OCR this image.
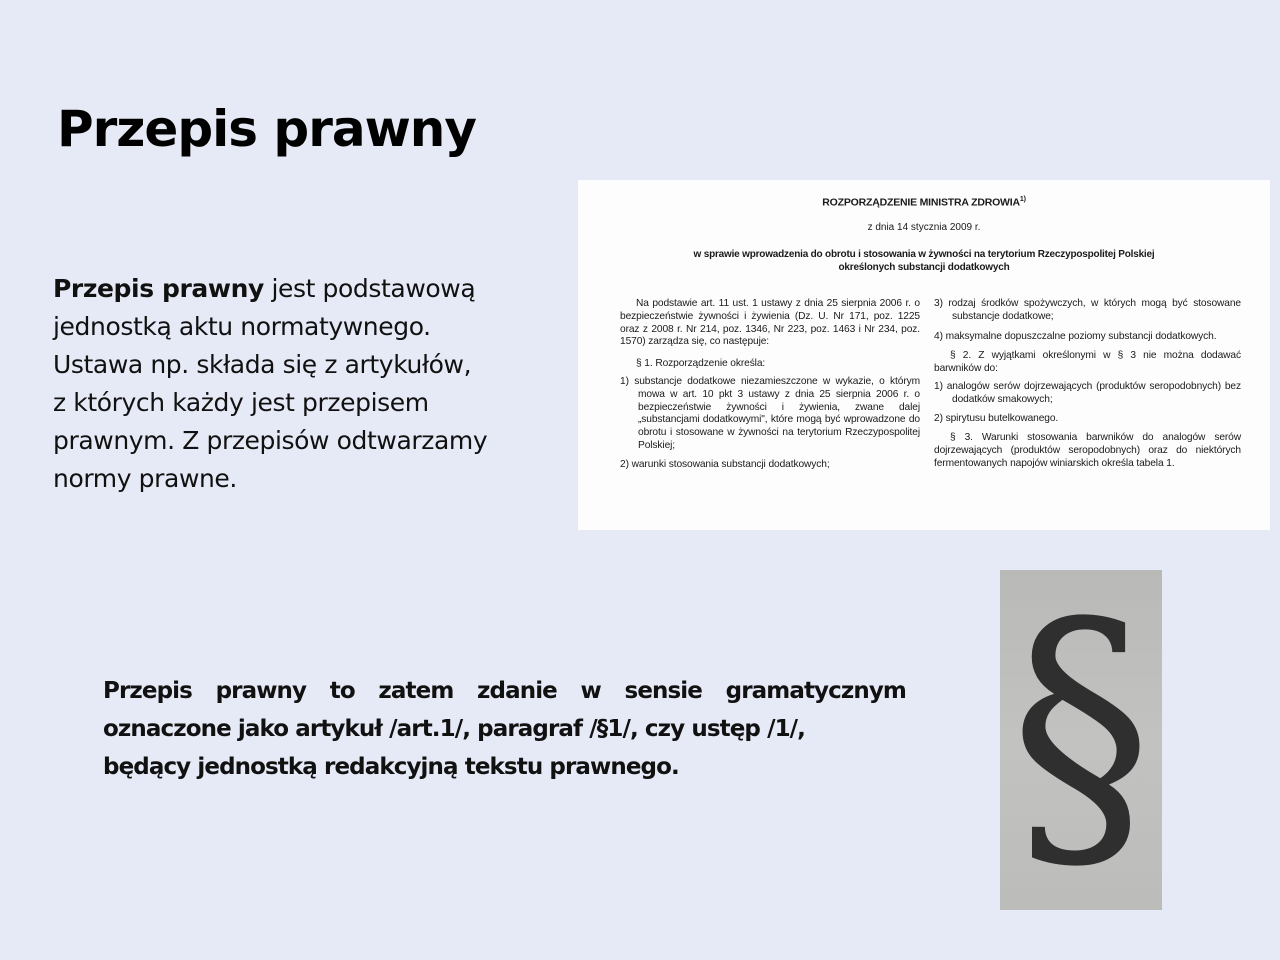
Przepis prawny
Przepis prawny jest podstawową
jednostką aktu normatywnego.
Ustawa np. składa się z artykułów,
z których każdy jest przepisem
prawnym. Z przepisów odtwarzamy
normy prawne.
ROZPORZĄDZENIE MINISTRA ZDROWIA$^{1)}$
z dnia 14 stycznia 2009 r.
w sprawie wprowadzenia do obrotu i stosowania w żywności na terytorium Rzeczypospolitej Polskiej
określonych substancji dodatkowych

Na podstawie art. 11 ust. 1 ustawy z dnia 25 sierpnia 2006 r. o bezpieczeństwie żywności i żywienia (Dz. U. Nr 171, poz. 1225 oraz z 2008 r. Nr 214, poz. 1346, Nr 223, poz. 1463 i Nr 234, poz. 1570) zarządza się, co następuje:

§ 1. Rozporządzenie określa:

1) substancje dodatkowe niezamieszczone w wykazie, o którym mowa w art. 10 pkt 3 ustawy z dnia 25 sierpnia 2006 r. o bezpieczeństwie żywności i żywienia, zwane dalej „substancjami dodatkowymi", które mogą być wprowadzone do obrotu i stosowane w żywności na terytorium Rzeczypospolitej Polskiej;

2) warunki stosowania substancji dodatkowych;

3) rodzaj środków spożywczych, w których mogą być stosowane substancje dodatkowe;

4) maksymalne dopuszczalne poziomy substancji dodatkowych.

§ 2. Z wyjątkami określonymi w § 3 nie można dodawać barwników do:

1) analogów serów dojrzewających (produktów seropodobnych) bez dodatków smakowych;

2) spirytusu butelkowanego.

§ 3. Warunki stosowania barwników do analogów serów dojrzewających (produktów seropodobnych) oraz do niektórych fermentowanych napojów winiarskich określa tabela 1.

Przepis prawny to zatem zdanie w sensie gramatycznym
oznaczone jako artykuł /art.1/, paragraf /§1/, czy ustęp /1/,
będący jednostką redakcyjną tekstu prawnego.	§
